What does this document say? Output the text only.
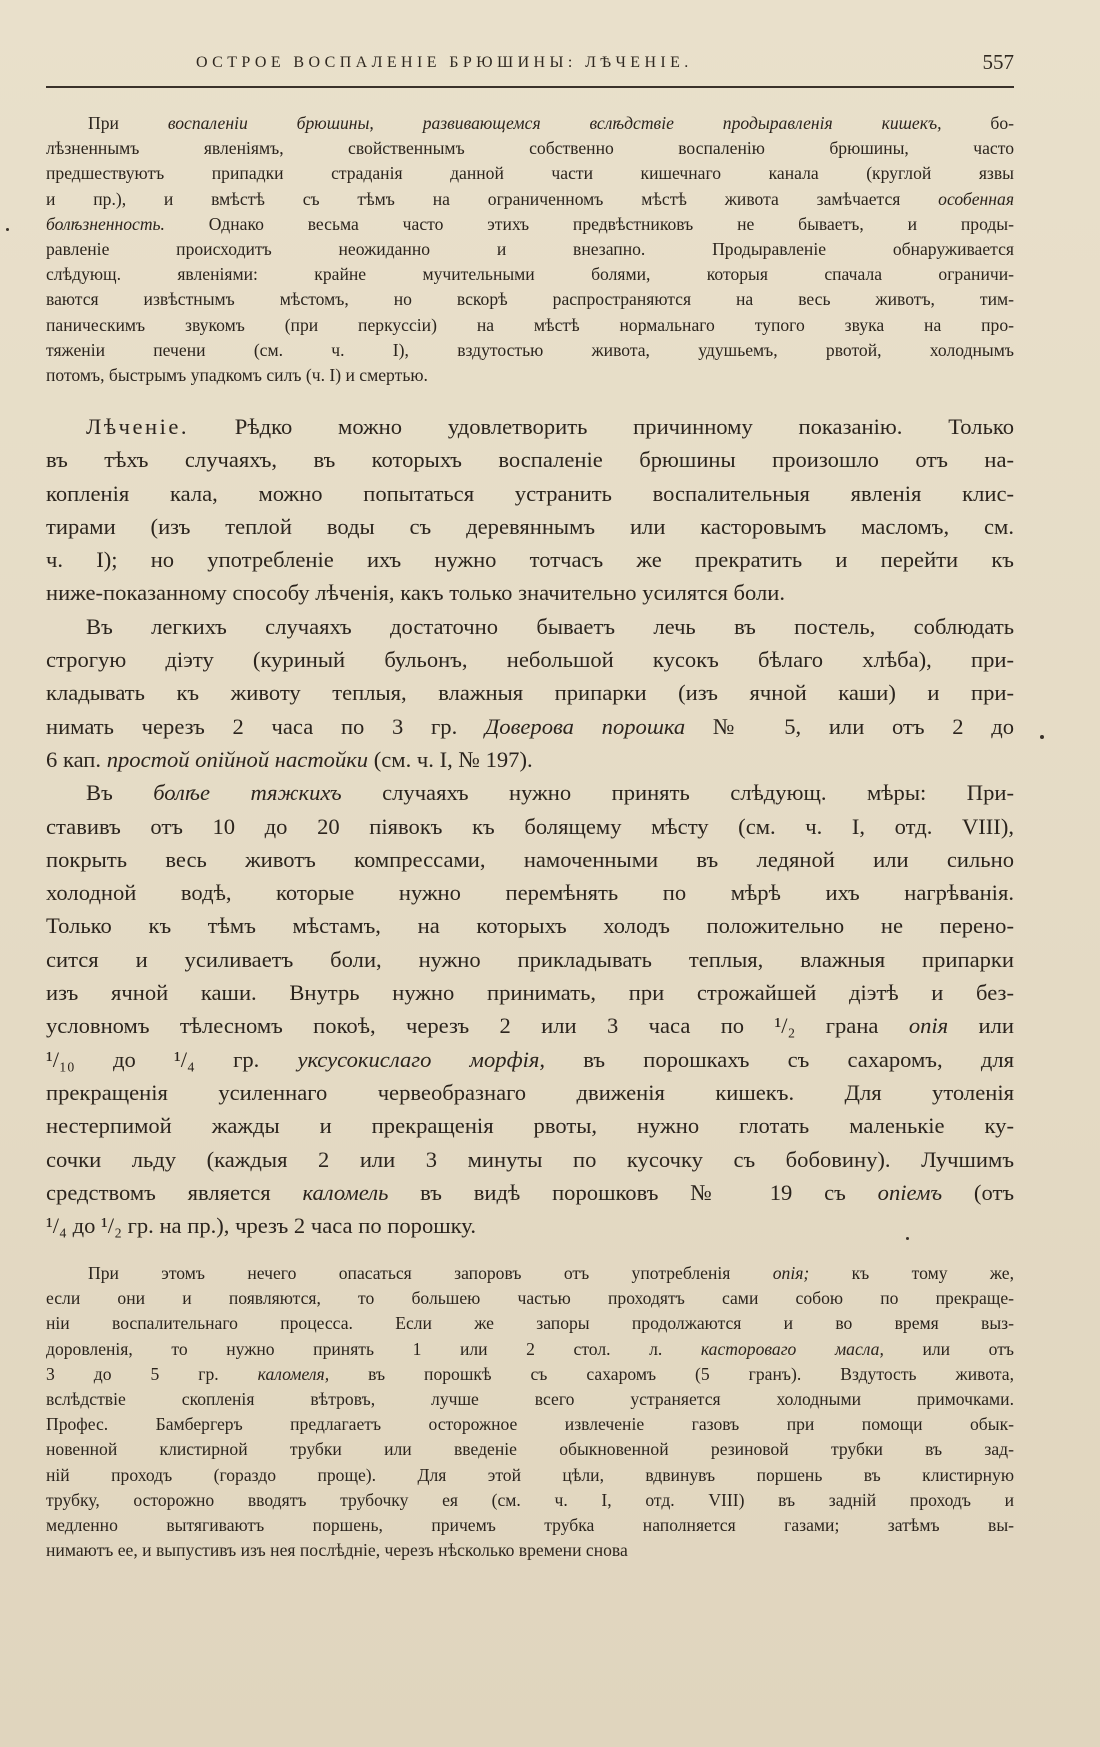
ОСТРОЕ ВОСПАЛЕНІЕ БРЮШИНЫ: ЛѢЧЕНІЕ.	557
При воспаленіи брюшины, развивающемся вслѣдствіе продыравленія кишекъ, бо-
лѣзненнымъ явленіямъ, свойственнымъ собственно воспаленію брюшины, часто
предшествуютъ припадки страданія данной части кишечнаго канала (круглой язвы
и пр.), и вмѣстѣ съ тѣмъ на ограниченномъ мѣстѣ живота замѣчается особенная
болѣзненность. Однако весьма часто этихъ предвѣстниковъ не бываетъ, и проды-
равленіе происходитъ неожиданно и внезапно. Продыравленіе обнаруживается
слѣдующ. явленіями: крайне мучительными болями, которыя спачала ограничи-
ваются извѣстнымъ мѣстомъ, но вскорѣ распространяются на весь животъ, тим-
паническимъ звукомъ (при перкуссіи) на мѣстѣ нормальнаго тупого звука на про-
тяженіи печени (см. ч. I), вздутостью живота, удушьемъ, рвотой, холоднымъ
потомъ, быстрымъ упадкомъ силъ (ч. I) и смертью.
Лѣченіе. Рѣдко можно удовлетворить причинному показанію. Только
въ тѣхъ случаяхъ, въ которыхъ воспаленіе брюшины произошло отъ на-
копленія кала, можно попытаться устранить воспалительныя явленія клис-
тирами (изъ теплой воды съ деревяннымъ или касторовымъ масломъ, см.
ч. I); но употребленіе ихъ нужно тотчасъ же прекратить и перейти къ
ниже-показанному способу лѣченія, какъ только значительно усилятся боли.
Въ легкихъ случаяхъ достаточно бываетъ лечь въ постель, соблюдать
строгую діэту (куриный бульонъ, небольшой кусокъ бѣлаго хлѣба), при-
кладывать къ животу теплыя, влажныя припарки (изъ ячной каши) и при-
нимать черезъ 2 часа по 3 гр. Доверова порошка № 5, или отъ 2 до
6 кап. простой опійной настойки (см. ч. I, № 197).
Въ болѣе тяжкихъ случаяхъ нужно принять слѣдующ. мѣры: При-
ставивъ отъ 10 до 20 піявокъ къ болящему мѣсту (см. ч. I, отд. VIII),
покрыть весь животъ компрессами, намоченными въ ледяной или сильно
холодной водѣ, которые нужно перемѣнять по мѣрѣ ихъ нагрѣванія.
Только къ тѣмъ мѣстамъ, на которыхъ холодъ положительно не перено-
сится и усиливаетъ боли, нужно прикладывать теплыя, влажныя припарки
изъ ячной каши. Внутрь нужно принимать, при строжайшей діэтѣ и без-
условномъ тѣлесномъ покоѣ, черезъ 2 или 3 часа по ¹/₂ грана опія или
¹/₁₀ до ¹/₄ гр. уксусокислаго морфія, въ порошкахъ съ сахаромъ, для
прекращенія усиленнаго червеобразнаго движенія кишекъ. Для утоленія
нестерпимой жажды и прекращенія рвоты, нужно глотать маленькіе ку-
сочки льду (каждыя 2 или 3 минуты по кусочку съ бобовину). Лучшимъ
средствомъ является каломель въ видѣ порошковъ № 19 съ опіемъ (отъ
¹/₄ до ¹/₂ гр. на пр.), чрезъ 2 часа по порошку.
При этомъ нечего опасаться запоровъ отъ употребленія опія; къ тому же,
если они и появляются, то большею частью проходятъ сами собою по прекраще-
ніи воспалительнаго процесса. Если же запоры продолжаются и во время выз-
доровленія, то нужно принять 1 или 2 стол. л. касторовагo масла, или отъ
3 до 5 гр. каломеля, въ порошкѣ съ сахаромъ (5 гранъ). Вздутость живота,
вслѣдствіе скопленія вѣтровъ, лучше всего устраняется холодными примочками.
Профес. Бамбергеръ предлагаетъ осторожное извлеченіе газовъ при помощи обык-
новенной клистирной трубки или введеніе обыкновенной резиновой трубки въ зад-
ній проходъ (гораздо проще). Для этой цѣли, вдвинувъ поршень въ клистирную
трубку, осторожно вводятъ трубочку ея (см. ч. I, отд. VIII) въ задній проходъ и
медленно вытягиваютъ поршень, причемъ трубка наполняется газами; затѣмъ вы-
нимаютъ ее, и выпустивъ изъ нея послѣдніе, черезъ нѣсколько времени снова
